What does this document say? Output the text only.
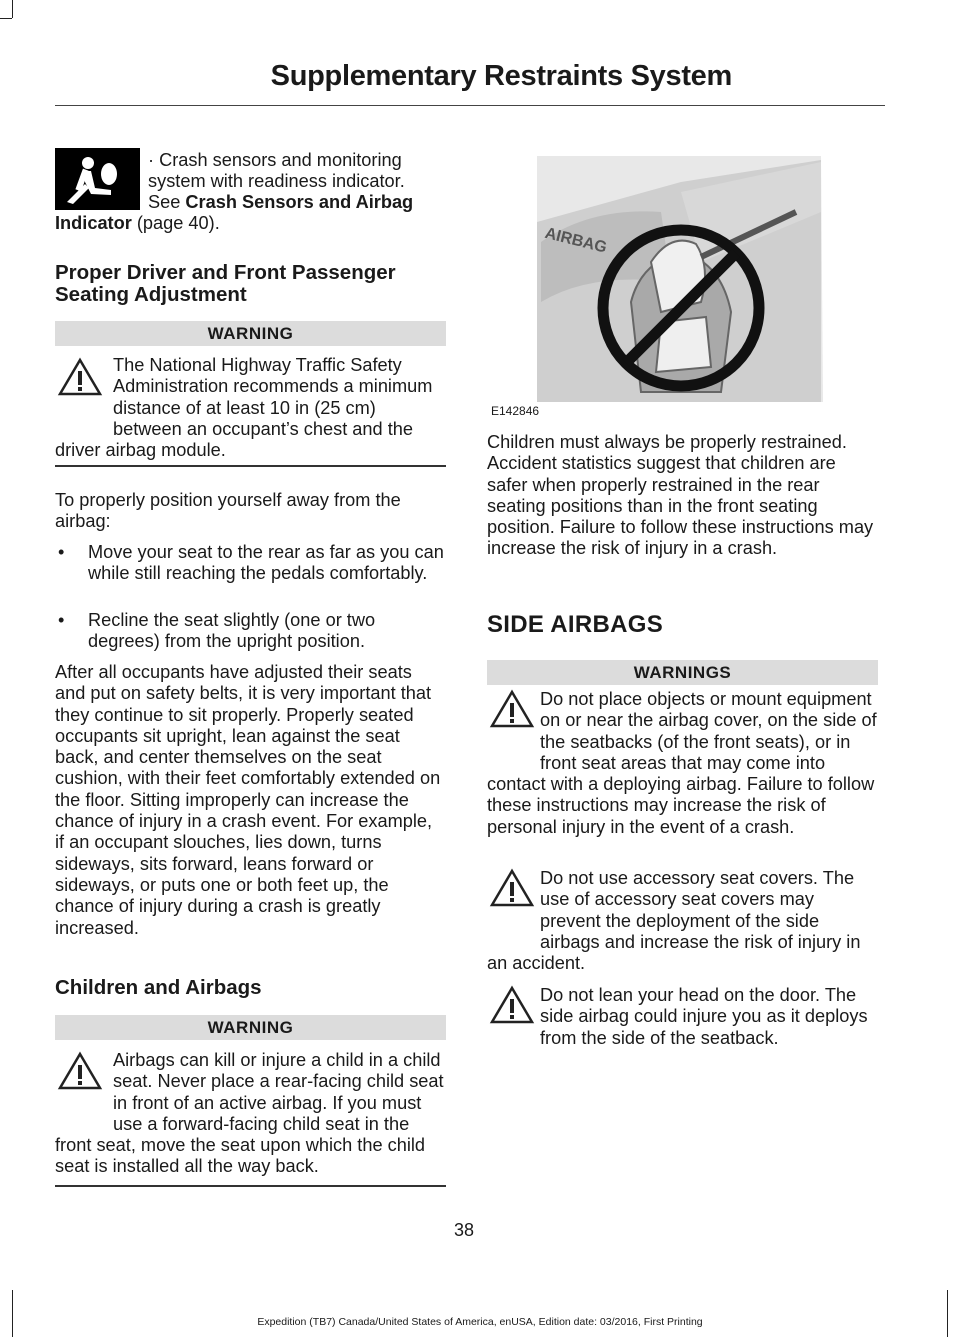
Supplementary Restraints System
· Crash sensors and monitoring
system with readiness indicator.
See Crash Sensors and Airbag
Indicator (page 40).
Proper Driver and Front Passenger Seating Adjustment
WARNING
The National Highway Traffic Safety Administration recommends a minimum distance of at least 10 in (25 cm) between an occupant’s chest and the driver airbag module.
To properly position yourself away from the airbag:
• Move your seat to the rear as far as you can while still reaching the pedals comfortably.
• Recline the seat slightly (one or two degrees) from the upright position.
After all occupants have adjusted their seats and put on safety belts, it is very important that they continue to sit properly. Properly seated occupants sit upright, lean against the seat back, and center themselves on the seat cushion, with their feet comfortably extended on the floor. Sitting improperly can increase the chance of injury in a crash event. For example, if an occupant slouches, lies down, turns sideways, sits forward, leans forward or sideways, or puts one or both feet up, the chance of injury during a crash is greatly increased.
Children and Airbags
WARNING
Airbags can kill or injure a child in a child seat. Never place a rear-facing child seat in front of an active airbag. If you must use a forward-facing child seat in the front seat, move the seat upon which the child seat is installed all the way back.
AIRBAG
E142846
Children must always be properly restrained. Accident statistics suggest that children are safer when properly restrained in the rear seating positions than in the front seating position. Failure to follow these instructions may increase the risk of injury in a crash.
SIDE AIRBAGS
WARNINGS
Do not place objects or mount equipment on or near the airbag cover, on the side of the seatbacks (of the front seats), or in front seat areas that may come into contact with a deploying airbag. Failure to follow these instructions may increase the risk of personal injury in the event of a crash.
Do not use accessory seat covers. The use of accessory seat covers may prevent the deployment of the side airbags and increase the risk of injury in an accident.
Do not lean your head on the door. The side airbag could injure you as it deploys from the side of the seatback.
38
Expedition (TB7) Canada/United States of America, enUSA, Edition date: 03/2016, First Printing
